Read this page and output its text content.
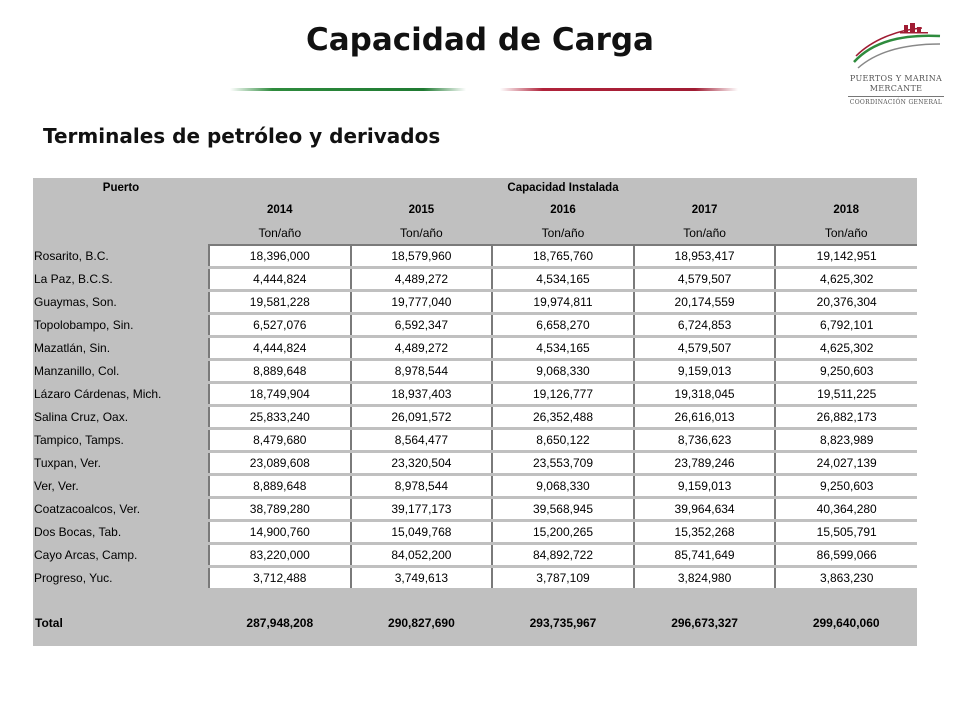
Capacidad de Carga
PUERTOS Y MARINA
MERCANTE
COORDINACIÓN GENERAL
Terminales de petróleo y derivados
Puerto	Capacidad Instalada				
	2014	2015	2016	2017	2018
	Ton/año	Ton/año	Ton/año	Ton/año	Ton/año
Rosarito, B.C.	18,396,000	18,579,960	18,765,760	18,953,417	19,142,951
La Paz, B.C.S.	4,444,824	4,489,272	4,534,165	4,579,507	4,625,302
Guaymas, Son.	19,581,228	19,777,040	19,974,811	20,174,559	20,376,304
Topolobampo, Sin.	6,527,076	6,592,347	6,658,270	6,724,853	6,792,101
Mazatlán, Sin.	4,444,824	4,489,272	4,534,165	4,579,507	4,625,302
Manzanillo, Col.	8,889,648	8,978,544	9,068,330	9,159,013	9,250,603
Lázaro Cárdenas, Mich.	18,749,904	18,937,403	19,126,777	19,318,045	19,511,225
Salina Cruz, Oax.	25,833,240	26,091,572	26,352,488	26,616,013	26,882,173
Tampico, Tamps.	8,479,680	8,564,477	8,650,122	8,736,623	8,823,989
Tuxpan, Ver.	23,089,608	23,320,504	23,553,709	23,789,246	24,027,139
Ver, Ver.	8,889,648	8,978,544	9,068,330	9,159,013	9,250,603
Coatzacoalcos, Ver.	38,789,280	39,177,173	39,568,945	39,964,634	40,364,280
Dos Bocas, Tab.	14,900,760	15,049,768	15,200,265	15,352,268	15,505,791
Cayo Arcas, Camp.	83,220,000	84,052,200	84,892,722	85,741,649	86,599,066
Progreso, Yuc.	3,712,488	3,749,613	3,787,109	3,824,980	3,863,230

Total	287,948,208	290,827,690	293,735,967	296,673,327	299,640,060
